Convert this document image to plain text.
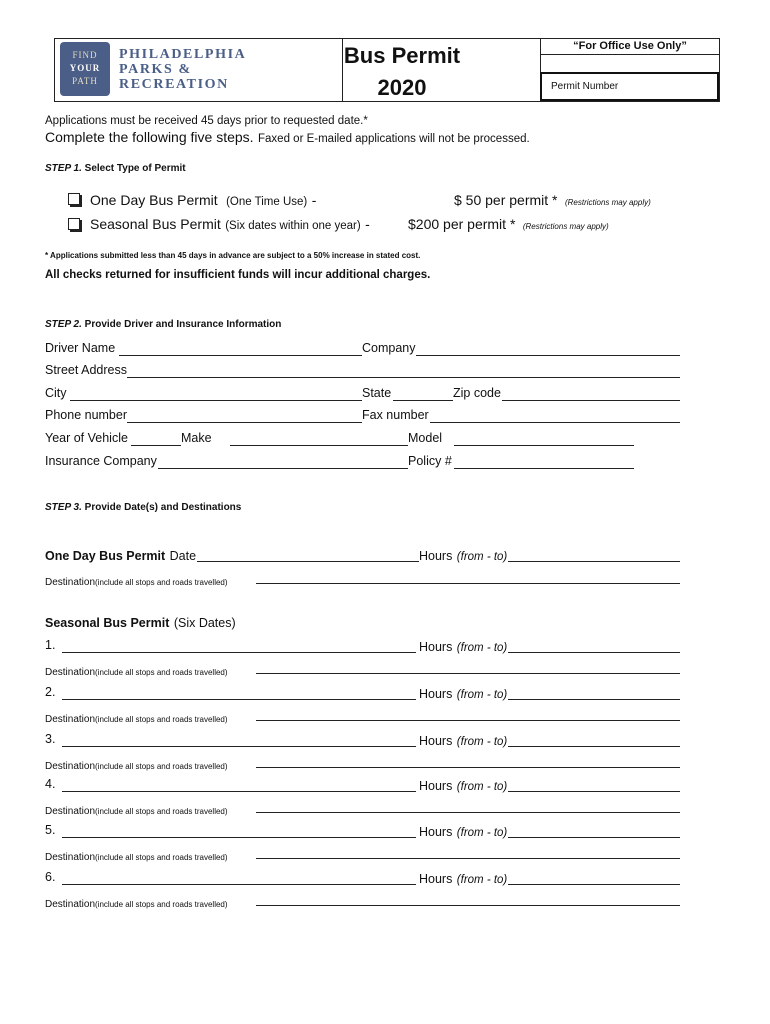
FIND
YOUR
PATH
PHILADELPHIA
PARKS &
RECREATION
Bus Permit
2020
“For Office Use Only”
Permit Number
Applications must be received 45 days prior to requested date.*
Complete the following five steps. Faxed or E-mailed applications will not be processed.
STEP 1. Select Type of Permit
One Day Bus Permit (One Time Use) -	$ 50 per permit * (Restrictions may apply)
Seasonal Bus Permit (Six dates within one year) -	$200 per permit * (Restrictions may apply)
* Applications submitted less than 45 days in advance are subject to a 50% increase in stated cost.
All checks returned for insufficient funds will incur additional charges.
STEP 2. Provide Driver and Insurance Information
Driver Name	Company
Street Address
City	State	Zip code
Phone number	Fax number
Year of Vehicle	Make	Model
Insurance Company	Policy #
STEP 3. Provide Date(s) and Destinations
One Day Bus Permit Date	Hours (from - to)
Destination(include all stops and roads travelled)
Seasonal Bus Permit (Six Dates)
1.	Hours (from - to)
Destination(include all stops and roads travelled)
2.	Hours (from - to)
Destination(include all stops and roads travelled)
3.	Hours (from - to)
Destination(include all stops and roads travelled)
4.	Hours (from - to)
Destination(include all stops and roads travelled)
5.	Hours (from - to)
Destination(include all stops and roads travelled)
6.	Hours (from - to)
Destination(include all stops and roads travelled)
